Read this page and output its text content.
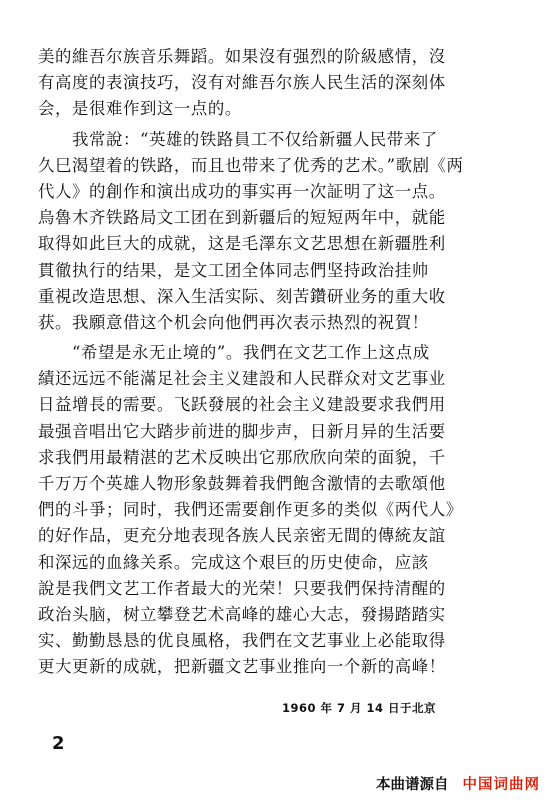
美的維吾尔族音乐舞蹈。如果沒有强烈的阶級感情，沒
有高度的表演技巧，沒有对維吾尔族人民生活的深刻体
会，是很难作到这一点的。
我常說：“英雄的铁路員工不仅给新疆人民带来了
久巳渴望着的铁路，而且也带来了优秀的艺术。”歌剧《两
代人》的創作和演出成功的事实再一次証明了这一点。
烏魯木齐铁路局文工团在到新疆后的短短两年中，就能
取得如此巨大的成就，这是毛澤东文艺思想在新疆胜利
貫徹执行的结果，是文工团全体同志們坚持政治挂帅
重視改造思想、深入生活实际、刻苦鑽研业务的重大收
获。我願意借这个机会向他們再次表示热烈的祝賀！
“希望是永无止境的”。我們在文艺工作上这点成
績还远远不能滿足社会主义建設和人民群众对文艺事业
日益增長的需要。飞跃發展的社会主义建設要求我們用
最强音唱出它大踏步前进的脚步声，日新月异的生活要
求我們用最精湛的艺术反映出它那欣欣向荣的面貌，千
千万万个英雄人物形象鼓舞着我們飽含激情的去歌頌他
們的斗爭；同时，我們还需要創作更多的类似《两代人》
的好作品，更充分地表现各族人民亲密无間的傳統友誼
和深远的血緣关系。完成这个艰巨的历史使命，应該
說是我們文艺工作者最大的光荣！只要我們保持清醒的
政治头脑，树立攀登艺术高峰的雄心大志，發揚踏踏实
实、勤勤恳恳的优良風格，我們在文艺事业上必能取得
更大更新的成就，把新疆文艺事业推向一个新的高峰！
1960 年 7 月 14 日于北京
2
本曲谱源自 中国词曲网
